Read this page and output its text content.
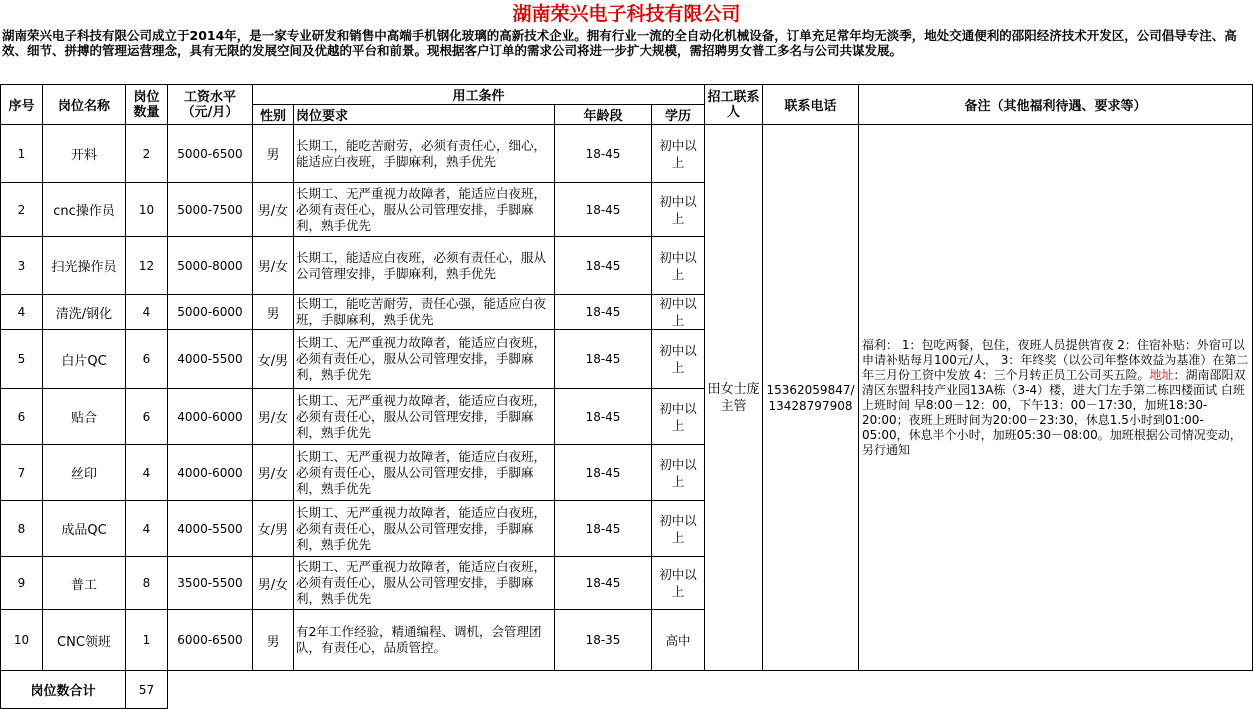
湖南荣兴电子科技有限公司
湖南荣兴电子科技有限公司成立于2014年，是一家专业研发和销售中高端手机钢化玻璃的高新技术企业。拥有行业一流的全自动化机械设备，订单充足常年均无淡季，地处交通便利的邵阳经济技术开发区，公司倡导专注、高效、细节、拼搏的管理运营理念，具有无限的发展空间及优越的平台和前景。现根据客户订单的需求公司将进一步扩大规模，需招聘男女普工多名与公司共谋发展。
序号	岗位名称	岗位数量	工资水平（元/月）	用工条件				招工联系人	联系电话	备注（其他福利待遇、要求等）
				性别	岗位要求	年龄段	学历			
1	开料	2	5000-6500	男	长期工，能吃苦耐劳，必须有责任心，细心，能适应白夜班，手脚麻利，熟手优先	18-45	初中以上	田女士庞主管	15362059847/13428797908	福利： 1：包吃两餐，包住，夜班人员提供宵夜 2：住宿补贴：外宿可以申请补贴每月100元/人， 3：年终奖（以公司年整体效益为基准）在第二年三月份工资中发放 4：三个月转正员工公司买五险。地址：湖南邵阳双清区东盟科技产业园13A栋（3-4）楼，进大门左手第二栋四楼面试 白班上班时间 早8:00－12：00，下午13：00－17:30，加班18:30-20:00；夜班上班时间为20:00－23:30，休息1.5小时到01:00-05:00，休息半个小时，加班05:30－08:00。加班根据公司情况变动，另行通知
2	cnc操作员	10	5000-7500	男/女	长期工、无严重视力故障者，能适应白夜班，必须有责任心，服从公司管理安排，手脚麻利，熟手优先	18-45	初中以上			
3	扫光操作员	12	5000-8000	男/女	长期工，能适应白夜班，必须有责任心，服从公司管理安排，手脚麻利，熟手优先	18-45	初中以上			
4	清洗/钢化	4	5000-6000	男	长期工，能吃苦耐劳，责任心强，能适应白夜班，手脚麻利，熟手优先	18-45	初中以上			
5	白片QC	6	4000-5500	女/男	长期工、无严重视力故障者，能适应白夜班，必须有责任心，服从公司管理安排，手脚麻利，熟手优先	18-45	初中以上			
6	贴合	6	4000-6000	男/女	长期工、无严重视力故障者，能适应白夜班，必须有责任心，服从公司管理安排，手脚麻利，熟手优先	18-45	初中以上			
7	丝印	4	4000-6000	男/女	长期工、无严重视力故障者，能适应白夜班，必须有责任心，服从公司管理安排，手脚麻利，熟手优先	18-45	初中以上			
8	成品QC	4	4000-5500	女/男	长期工、无严重视力故障者，能适应白夜班，必须有责任心，服从公司管理安排，手脚麻利，熟手优先	18-45	初中以上			
9	普工	8	3500-5500	男/女	长期工、无严重视力故障者，能适应白夜班，必须有责任心，服从公司管理安排，手脚麻利，熟手优先	18-45	初中以上			
10	CNC领班	1	6000-6500	男	有2年工作经验，精通编程、调机，会管理团队，有责任心，品质管控。	18-35	高中			
岗位数合计		57								
